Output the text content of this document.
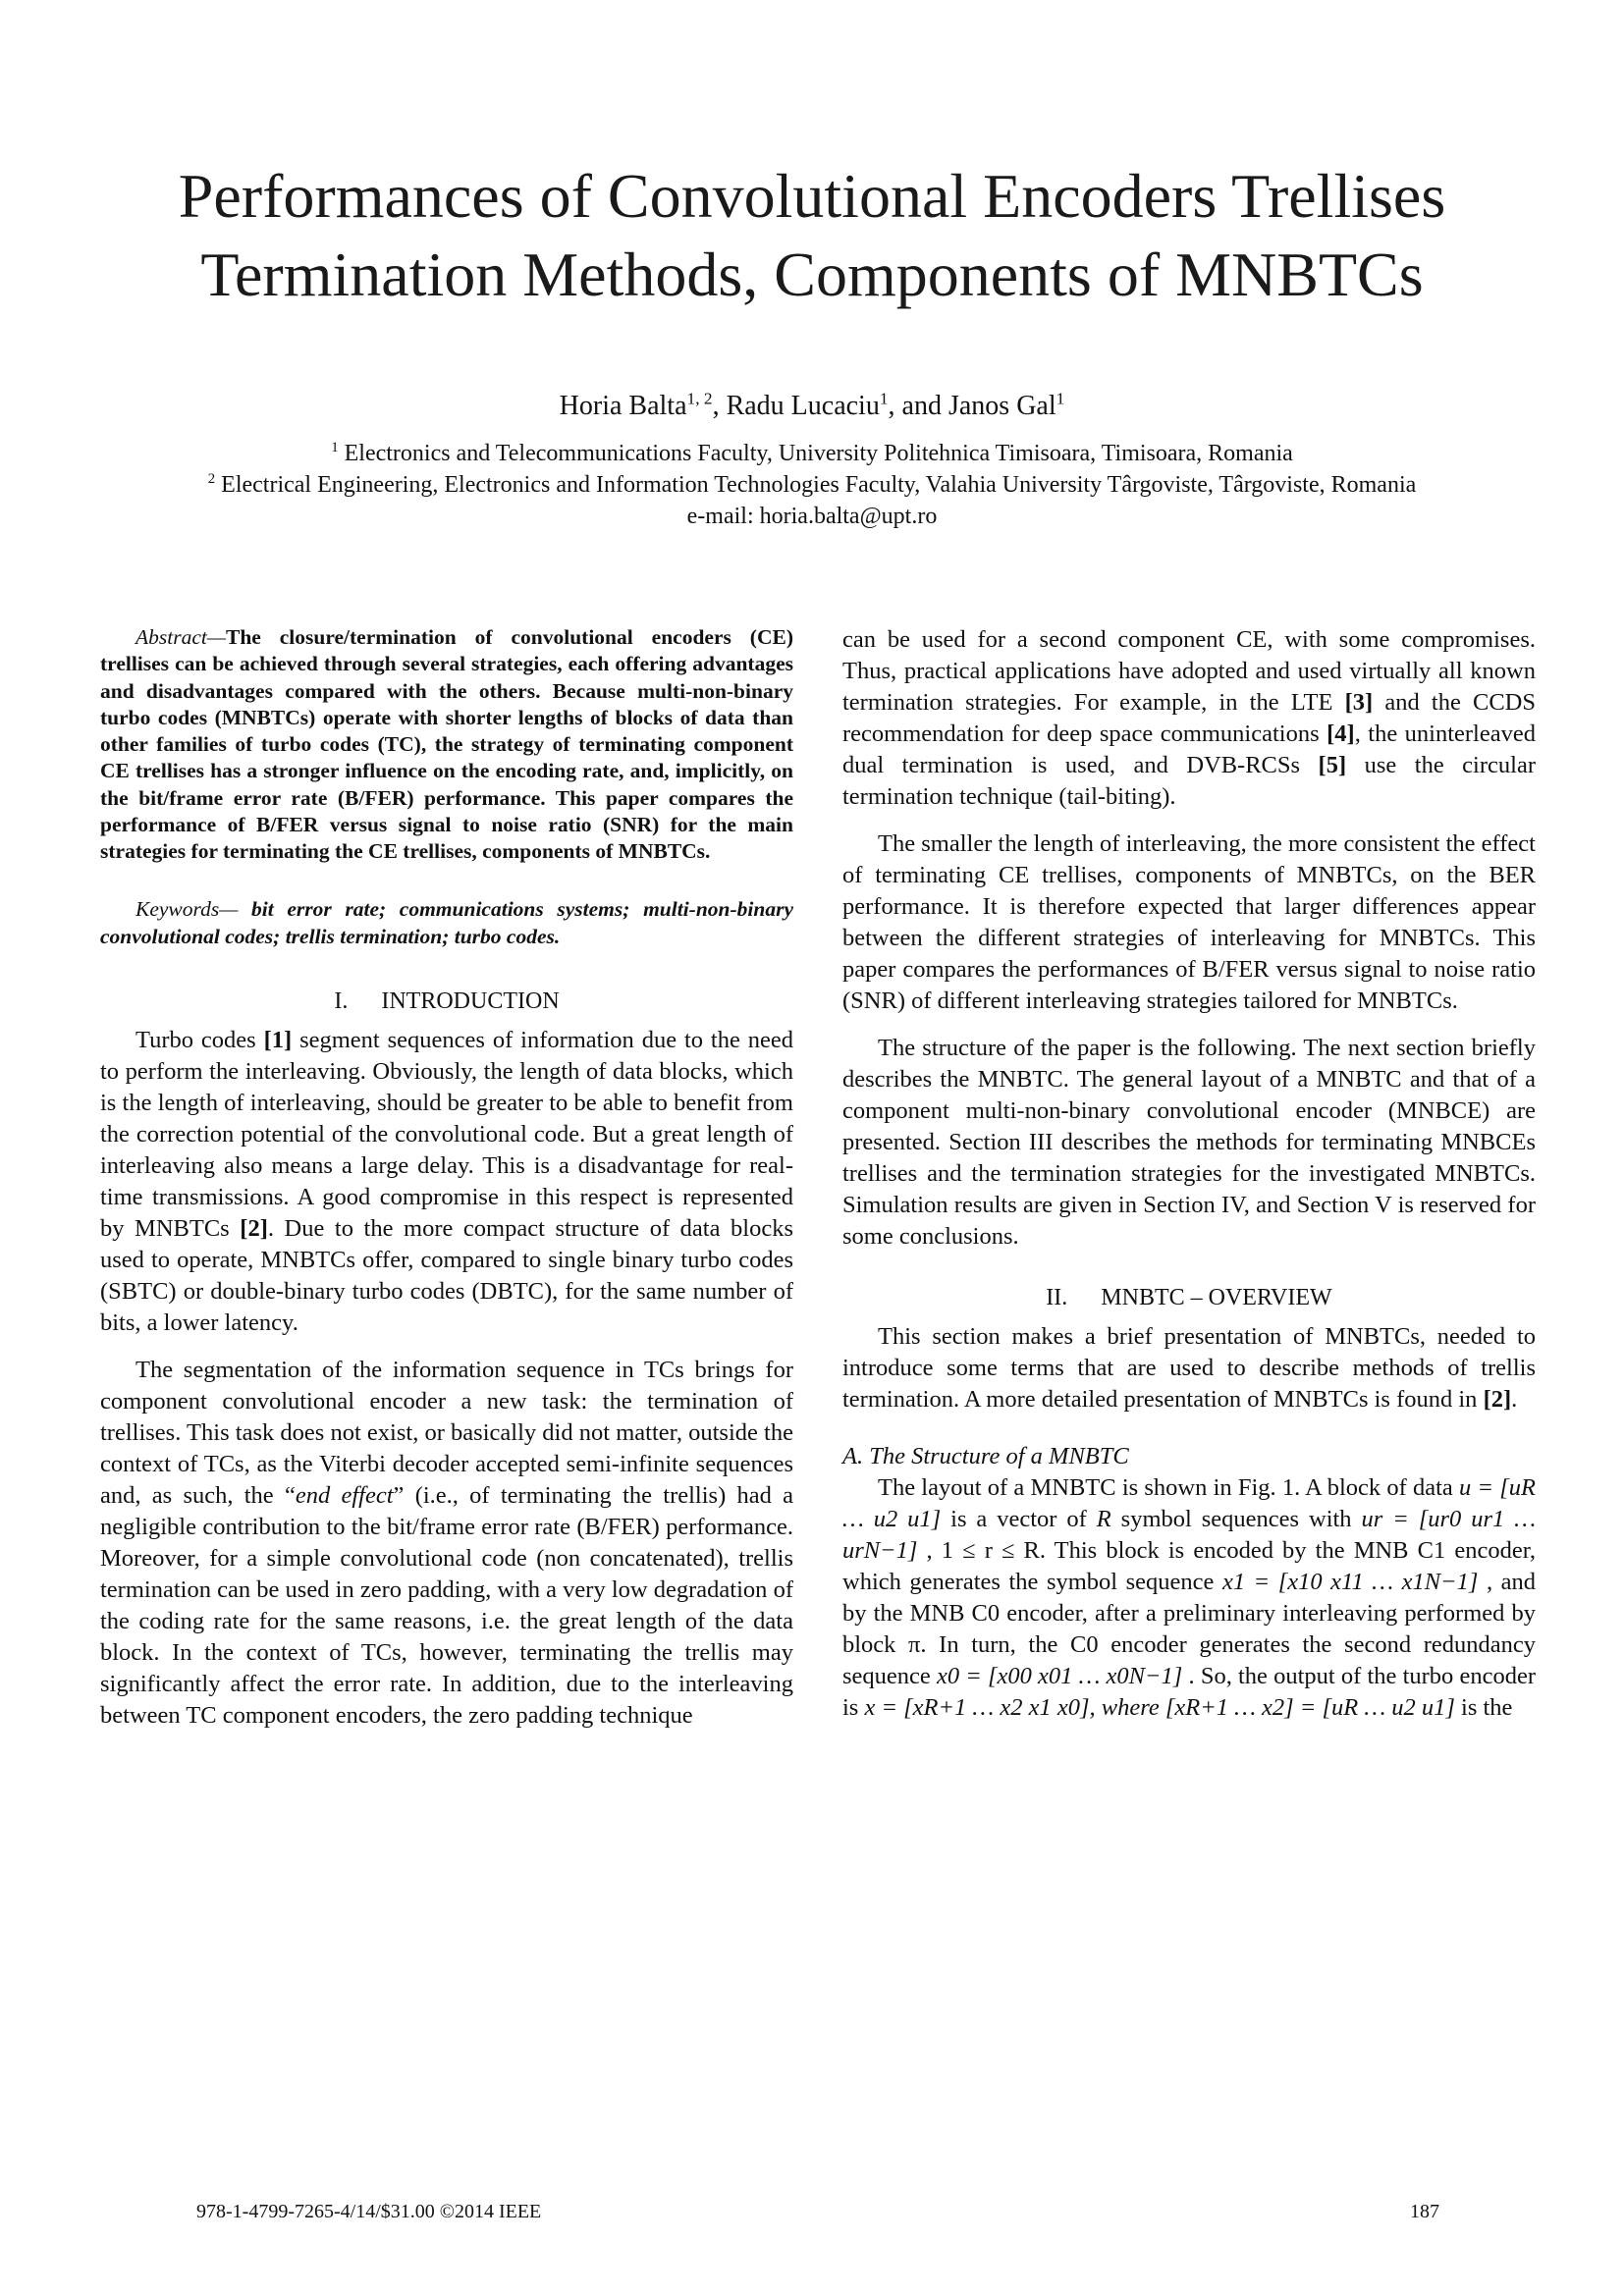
Performances of Convolutional Encoders Trellises
Termination Methods, Components of MNBTCs
Horia Balta$^{1, 2}$, Radu Lucaciu$^1$, and Janos Gal$^1$
$^1$ Electronics and Telecommunications Faculty, University Politehnica Timisoara, Timisoara, Romania
$^2$ Electrical Engineering, Electronics and Information Technologies Faculty, Valahia University Târgoviste, Târgoviste, Romania
e-mail: horia.balta@upt.ro

Abstract—The closure/termination of convolutional encoders (CE) trellises can be achieved through several strategies, each offering advantages and disadvantages compared with the others. Because multi-non-binary turbo codes (MNBTCs) operate with shorter lengths of blocks of data than other families of turbo codes (TC), the strategy of terminating component CE trellises has a stronger influence on the encoding rate, and, implicitly, on the bit/frame error rate (B/FER) performance. This paper compares the performance of B/FER versus signal to noise ratio (SNR) for the main strategies for terminating the CE trellises, components of MNBTCs.

Keywords— bit error rate; communications systems; multi-non-binary convolutional codes; trellis termination; turbo codes.

I. INTRODUCTION

Turbo codes [1] segment sequences of information due to the need to perform the interleaving. Obviously, the length of data blocks, which is the length of interleaving, should be greater to be able to benefit from the correction potential of the convolutional code. But a great length of interleaving also means a large delay. This is a disadvantage for real-time transmissions. A good compromise in this respect is represented by MNBTCs [2]. Due to the more compact structure of data blocks used to operate, MNBTCs offer, compared to single binary turbo codes (SBTC) or double-binary turbo codes (DBTC), for the same number of bits, a lower latency.

The segmentation of the information sequence in TCs brings for component convolutional encoder a new task: the termination of trellises. This task does not exist, or basically did not matter, outside the context of TCs, as the Viterbi decoder accepted semi-infinite sequences and, as such, the “end effect” (i.e., of terminating the trellis) had a negligible contribution to the bit/frame error rate (B/FER) performance. Moreover, for a simple convolutional code (non concatenated), trellis termination can be used in zero padding, with a very low degradation of the coding rate for the same reasons, i.e. the great length of the data block. In the context of TCs, however, terminating the trellis may significantly affect the error rate. In addition, due to the interleaving between TC component encoders, the zero padding technique

can be used for a second component CE, with some compromises. Thus, practical applications have adopted and used virtually all known termination strategies. For example, in the LTE [3] and the CCDS recommendation for deep space communications [4], the uninterleaved dual termination is used, and DVB-RCSs [5] use the circular termination technique (tail-biting).

The smaller the length of interleaving, the more consistent the effect of terminating CE trellises, components of MNBTCs, on the BER performance. It is therefore expected that larger differences appear between the different strategies of interleaving for MNBTCs. This paper compares the performances of B/FER versus signal to noise ratio (SNR) of different interleaving strategies tailored for MNBTCs.

The structure of the paper is the following. The next section briefly describes the MNBTC. The general layout of a MNBTC and that of a component multi-non-binary convolutional encoder (MNBCE) are presented. Section III describes the methods for terminating MNBCEs trellises and the termination strategies for the investigated MNBTCs. Simulation results are given in Section IV, and Section V is reserved for some conclusions.

II. MNBTC – OVERVIEW

This section makes a brief presentation of MNBTCs, needed to introduce some terms that are used to describe methods of trellis termination. A more detailed presentation of MNBTCs is found in [2].

A. The Structure of a MNBTC

The layout of a MNBTC is shown in Fig. 1. A block of data u = [uR … u2 u1] is a vector of R symbol sequences with ur = [ur0 ur1 … urN−1] , 1 ≤ r ≤ R. This block is encoded by the MNB C1 encoder, which generates the symbol sequence x1 = [x10 x11 … x1N−1] , and by the MNB C0 encoder, after a preliminary interleaving performed by block π. In turn, the C0 encoder generates the second redundancy sequence x0 = [x00 x01 … x0N−1] . So, the output of the turbo encoder is x = [xR+1 … x2 x1 x0], where [xR+1 … x2] = [uR … u2 u1] is the

978-1-4799-7265-4/14/$31.00 ©2014 IEEE	187
